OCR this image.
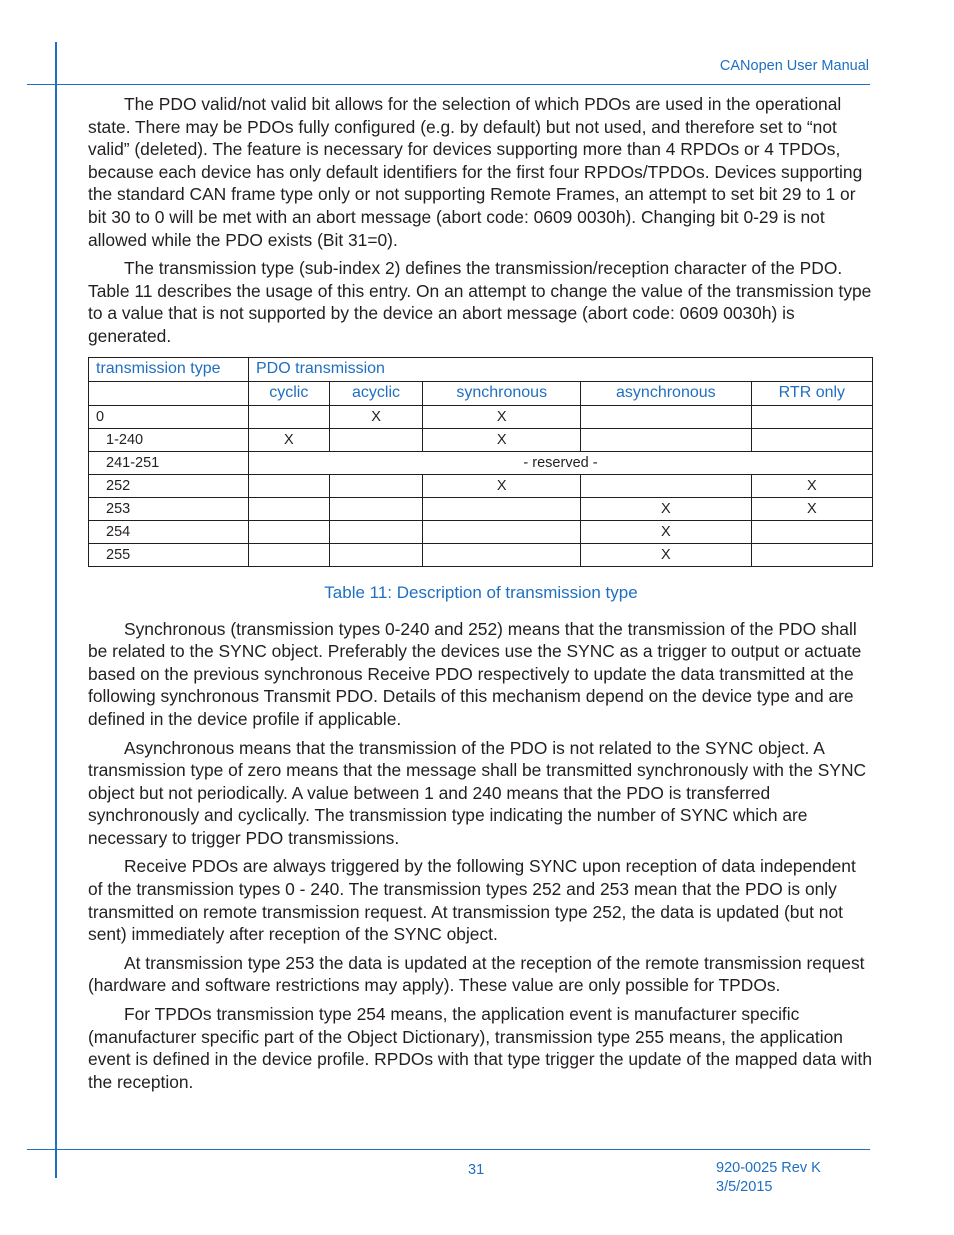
CANopen User Manual

The PDO valid/not valid bit allows for the selection of which PDOs are used in the operational state. There may be PDOs fully configured (e.g. by default) but not used, and therefore set to “not valid” (deleted). The feature is necessary for devices supporting more than 4 RPDOs or 4 TPDOs, because each device has only default identifiers for the first four RPDOs/TPDOs. Devices supporting the standard CAN frame type only or not supporting Remote Frames, an attempt to set bit 29 to 1 or bit 30 to 0 will be met with an abort message (abort code: 0609 0030h). Changing bit 0-29 is not allowed while the PDO exists (Bit 31=0).

The transmission type (sub-index 2) defines the transmission/reception character of the PDO. Table 11 describes the usage of this entry. On an attempt to change the value of the transmission type to a value that is not supported by the device an abort message (abort code: 0609 0030h) is generated.

transmission type	PDO transmission				
	cyclic	acyclic	synchronous	asynchronous	RTR only
0		X	X		
1-240	X		X		
241-251	- reserved -				
252			X		X
253				X	X
254				X	
255				X	
Table 11: Description of transmission type

Synchronous (transmission types 0-240 and 252) means that the transmission of the PDO shall be related to the SYNC object. Preferably the devices use the SYNC as a trigger to output or actuate based on the previous synchronous Receive PDO respectively to update the data transmitted at the following synchronous Transmit PDO. Details of this mechanism depend on the device type and are defined in the device profile if applicable.

Asynchronous means that the transmission of the PDO is not related to the SYNC object. A transmission type of zero means that the message shall be transmitted synchronously with the SYNC object but not periodically. A value between 1 and 240 means that the PDO is transferred synchronously and cyclically. The transmission type indicating the number of SYNC which are necessary to trigger PDO transmissions.

Receive PDOs are always triggered by the following SYNC upon reception of data independent of the transmission types 0 - 240. The transmission types 252 and 253 mean that the PDO is only transmitted on remote transmission request. At transmission type 252, the data is updated (but not sent) immediately after reception of the SYNC object.

At transmission type 253 the data is updated at the reception of the remote transmission request (hardware and software restrictions may apply). These value are only possible for TPDOs.

For TPDOs transmission type 254 means, the application event is manufacturer specific (manufacturer specific part of the Object Dictionary), transmission type 255 means, the application event is defined in the device profile. RPDOs with that type trigger the update of the mapped data with the reception.

31	920-0025 Rev K
3/5/2015
